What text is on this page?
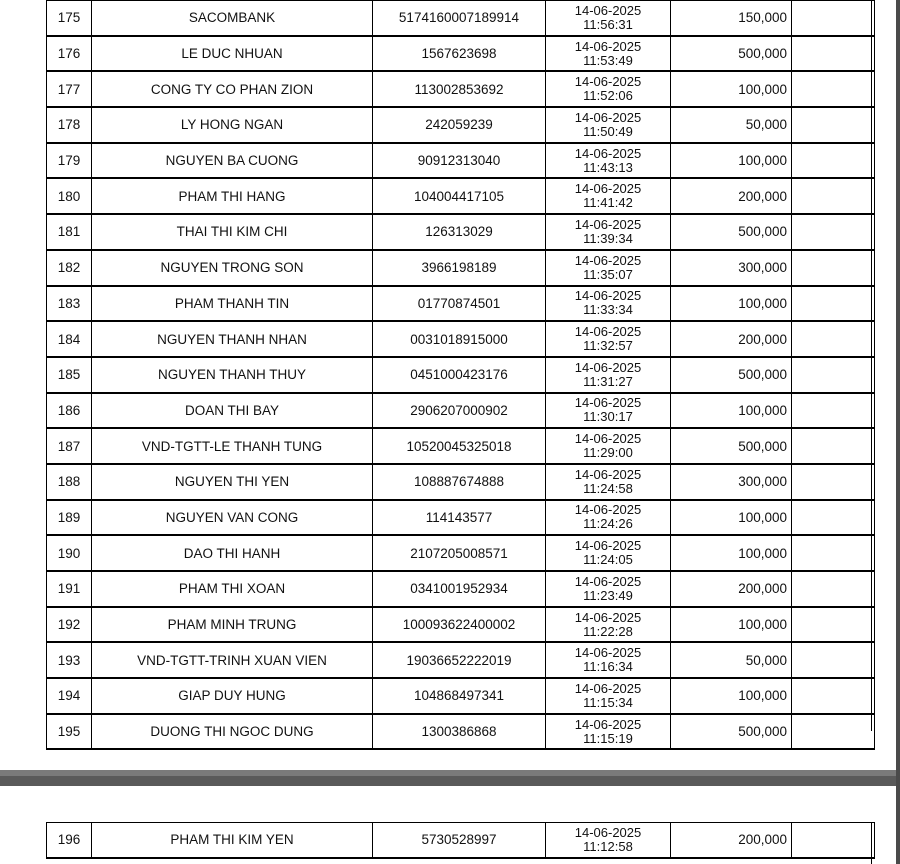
175	SACOMBANK	5174160007189914	14-06-2025
11:56:31	150,000	
176	LE DUC NHUAN	1567623698	14-06-2025
11:53:49	500,000	
177	CONG TY CO PHAN ZION	113002853692	14-06-2025
11:52:06	100,000	
178	LY HONG NGAN	242059239	14-06-2025
11:50:49	50,000	
179	NGUYEN BA CUONG	90912313040	14-06-2025
11:43:13	100,000	
180	PHAM THI HANG	104004417105	14-06-2025
11:41:42	200,000	
181	THAI THI KIM CHI	126313029	14-06-2025
11:39:34	500,000	
182	NGUYEN TRONG SON	3966198189	14-06-2025
11:35:07	300,000	
183	PHAM THANH TIN	01770874501	14-06-2025
11:33:34	100,000	
184	NGUYEN THANH NHAN	0031018915000	14-06-2025
11:32:57	200,000	
185	NGUYEN THANH THUY	0451000423176	14-06-2025
11:31:27	500,000	
186	DOAN THI BAY	2906207000902	14-06-2025
11:30:17	100,000	
187	VND-TGTT-LE THANH TUNG	10520045325018	14-06-2025
11:29:00	500,000	
188	NGUYEN THI YEN	108887674888	14-06-2025
11:24:58	300,000	
189	NGUYEN VAN CONG	114143577	14-06-2025
11:24:26	100,000	
190	DAO THI HANH	2107205008571	14-06-2025
11:24:05	100,000	
191	PHAM THI XOAN	0341001952934	14-06-2025
11:23:49	200,000	
192	PHAM MINH TRUNG	100093622400002	14-06-2025
11:22:28	100,000	
193	VND-TGTT-TRINH XUAN VIEN	19036652222019	14-06-2025
11:16:34	50,000	
194	GIAP DUY HUNG	104868497341	14-06-2025
11:15:34	100,000	
195	DUONG THI NGOC DUNG	1300386868	14-06-2025
11:15:19	500,000	
196	PHAM THI KIM YEN	5730528997	14-06-2025
11:12:58	200,000	
